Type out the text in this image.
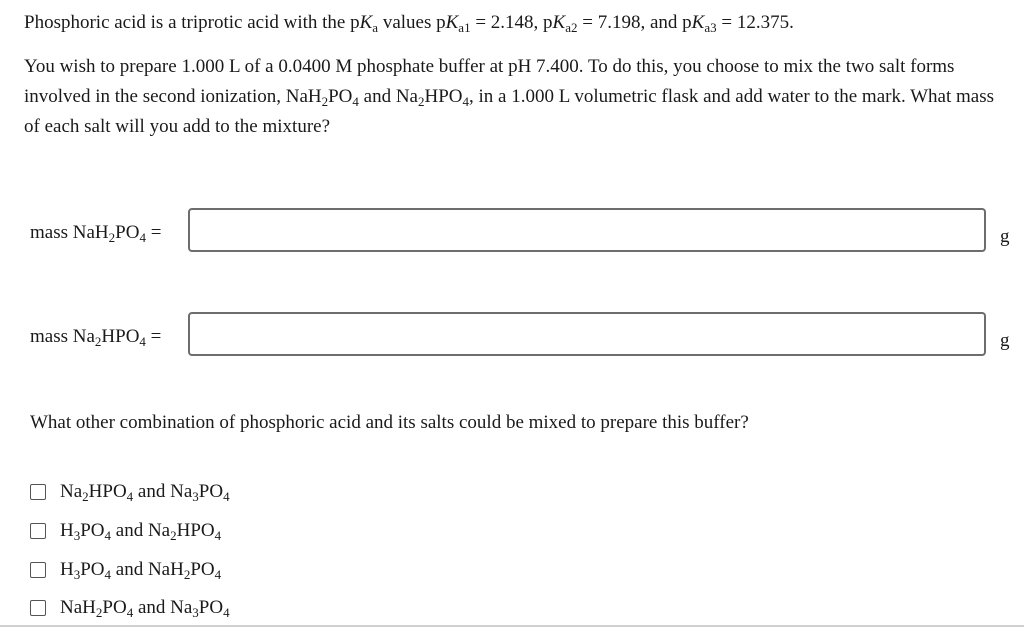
Phosphoric acid is a triprotic acid with the $pK_a$ values $pK_{a1} = 2.148$, $pK_{a2} = 7.198$, and $pK_{a3} = 12.375$.
You wish to prepare 1.000 L of a 0.0400 M phosphate buffer at pH 7.400. To do this, you choose to mix the two salt forms involved in the second ionization, $NaH_2PO_4$ and $Na_2HPO_4$, in a 1.000 L volumetric flask and add water to the mark. What mass of each salt will you add to the mixture?
mass $NaH_2PO_4$ =	g
mass $Na_2HPO_4$ =	g
What other combination of phosphoric acid and its salts could be mixed to prepare this buffer?
$Na_2HPO_4$ and $Na_3PO_4$
$H_3PO_4$ and $Na_2HPO_4$
$H_3PO_4$ and $NaH_2PO_4$
$NaH_2PO_4$ and $Na_3PO_4$
